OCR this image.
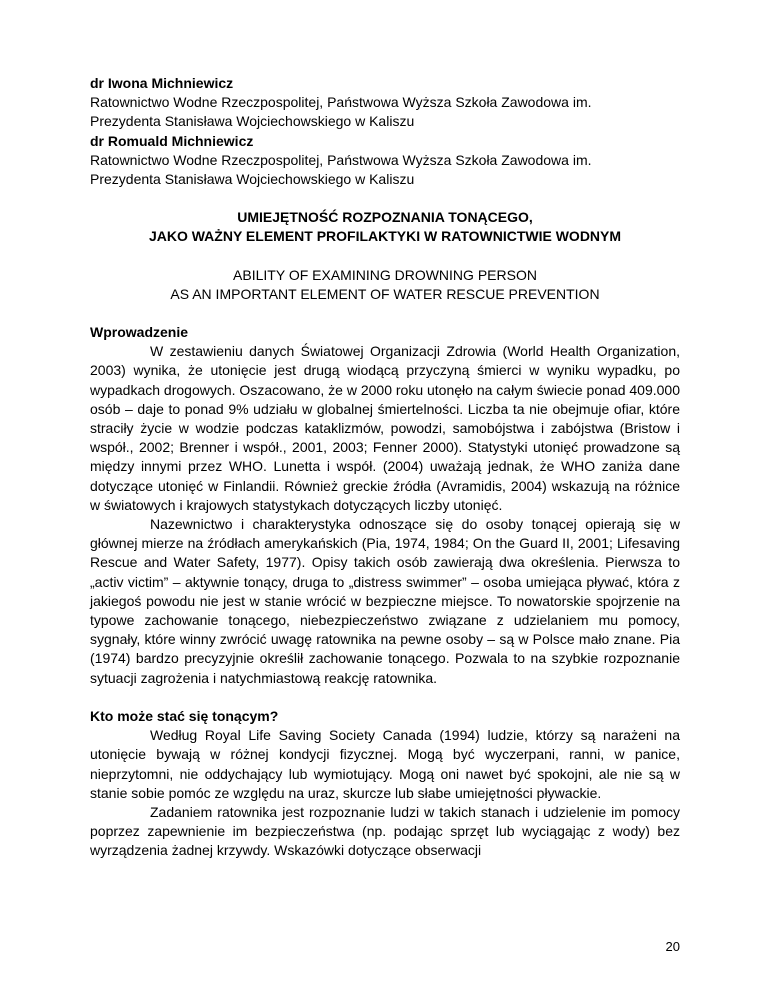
dr Iwona Michniewicz

Ratownictwo Wodne Rzeczpospolitej, Państwowa Wyższa Szkoła Zawodowa im.

Prezydenta Stanisława Wojciechowskiego w Kaliszu

dr Romuald Michniewicz

Ratownictwo Wodne Rzeczpospolitej, Państwowa Wyższa Szkoła Zawodowa im.

Prezydenta Stanisława Wojciechowskiego w Kaliszu

UMIEJĘTNOŚĆ ROZPOZNANIA TONĄCEGO,

JAKO WAŻNY ELEMENT PROFILAKTYKI W RATOWNICTWIE WODNYM

ABILITY OF EXAMINING DROWNING PERSON

AS AN IMPORTANT ELEMENT OF WATER RESCUE PREVENTION

Wprowadzenie

W zestawieniu danych Światowej Organizacji Zdrowia (World Health Organization, 2003) wynika, że utonięcie jest drugą wiodącą przyczyną śmierci w wyniku wypadku, po wypadkach drogowych. Oszacowano, że w 2000 roku utonęło na całym świecie ponad 409.000 osób – daje to ponad 9% udziału w globalnej śmiertelności. Liczba ta nie obejmuje ofiar, które straciły życie w wodzie podczas kataklizmów, powodzi, samobójstwa i zabójstwa (Bristow i współ., 2002; Brenner i współ., 2001, 2003; Fenner 2000). Statystyki utonięć prowadzone są między innymi przez WHO. Lunetta i współ. (2004) uważają jednak, że WHO zaniża dane dotyczące utonięć w Finlandii. Również greckie źródła (Avramidis, 2004) wskazują na różnice w światowych i krajowych statystykach dotyczących liczby utonięć.

Nazewnictwo i charakterystyka odnoszące się do osoby tonącej opierają się w głównej mierze na źródłach amerykańskich (Pia, 1974, 1984; On the Guard II, 2001; Lifesaving Rescue and Water Safety, 1977). Opisy takich osób zawierają dwa określenia. Pierwsza to „activ victim” – aktywnie tonący, druga to „distress swimmer” – osoba umiejąca pływać, która z jakiegoś powodu nie jest w stanie wrócić w bezpieczne miejsce. To nowatorskie spojrzenie na typowe zachowanie tonącego, niebezpieczeństwo związane z udzielaniem mu pomocy, sygnały, które winny zwrócić uwagę ratownika na pewne osoby – są w Polsce mało znane. Pia (1974) bardzo precyzyjnie określił zachowanie tonącego. Pozwala to na szybkie rozpoznanie sytuacji zagrożenia i natychmiastową reakcję ratownika.

Kto może stać się tonącym?

Według Royal Life Saving Society Canada (1994) ludzie, którzy są narażeni na utonięcie bywają w różnej kondycji fizycznej. Mogą być wyczerpani, ranni, w panice, nieprzytomni, nie oddychający lub wymiotujący. Mogą oni nawet być spokojni, ale nie są w stanie sobie pomóc ze względu na uraz, skurcze lub słabe umiejętności pływackie.

Zadaniem ratownika jest rozpoznanie ludzi w takich stanach i udzielenie im pomocy poprzez zapewnienie im bezpieczeństwa (np. podając sprzęt lub wyciągając z wody) bez wyrządzenia żadnej krzywdy. Wskazówki dotyczące obserwacji

20
